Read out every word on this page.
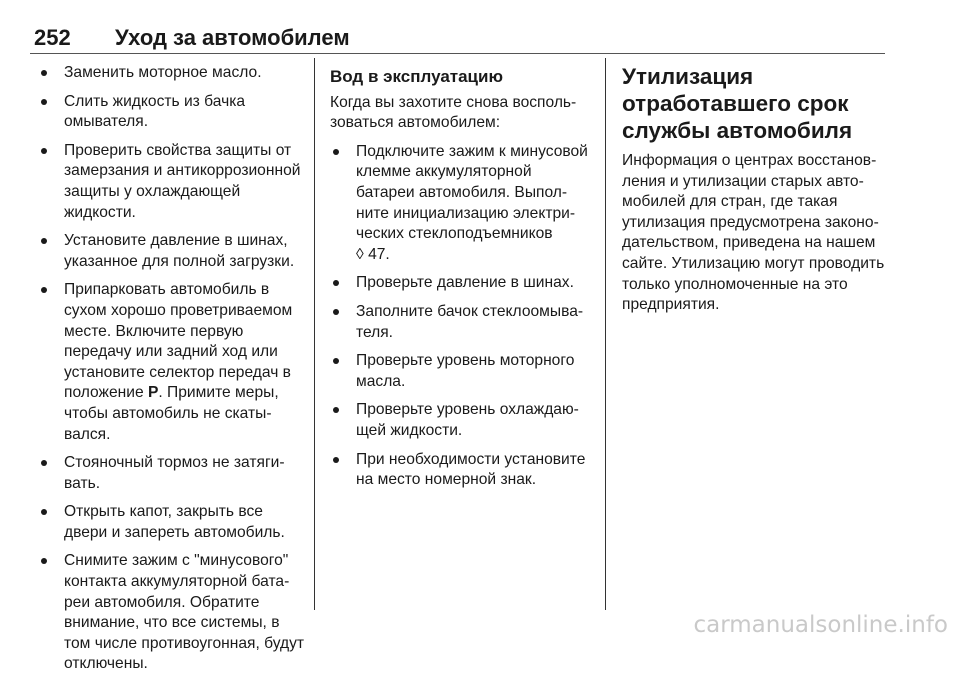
252 Уход за автомобилем
Заменить моторное масло.
Слить жидкость из бачка омывателя.
Проверить свойства защиты от замерзания и антикоррозионной защиты у охлаждающей жидкости.
Установите давление в шинах, указанное для полной загрузки.
Припарковать автомобиль в сухом хорошо проветриваемом месте. Включите первую передачу или задний ход или установите селектор передач в положение P. Примите меры, чтобы автомобиль не скатывался.
Стояночный тормоз не затягивать.
Открыть капот, закрыть все двери и запереть автомобиль.
Снимите зажим с "минусового" контакта аккумуляторной батареи автомобиля. Обратите внимание, что все системы, в том числе противоугонная, будут отключены.
Вод в эксплуатацию

Когда вы захотите снова воспользоваться автомобилем:

Подключите зажим к минусовой клемме аккумуляторной батареи автомобиля. Выполните инициализацию электрических стеклоподъемников
◊ 47.
Проверьте давление в шинах.
Заполните бачок стеклоомывателя.
Проверьте уровень моторного масла.
Проверьте уровень охлаждающей жидкости.
При необходимости установите на место номерной знак.
Утилизация отработавшего срок службы автомобиля

Информация о центрах восстановления и утилизации старых автомобилей для стран, где такая утилизация предусмотрена законодательством, приведена на нашем сайте. Утилизацию могут проводить только уполномоченные на это предприятия.

carmanualsonline.info
